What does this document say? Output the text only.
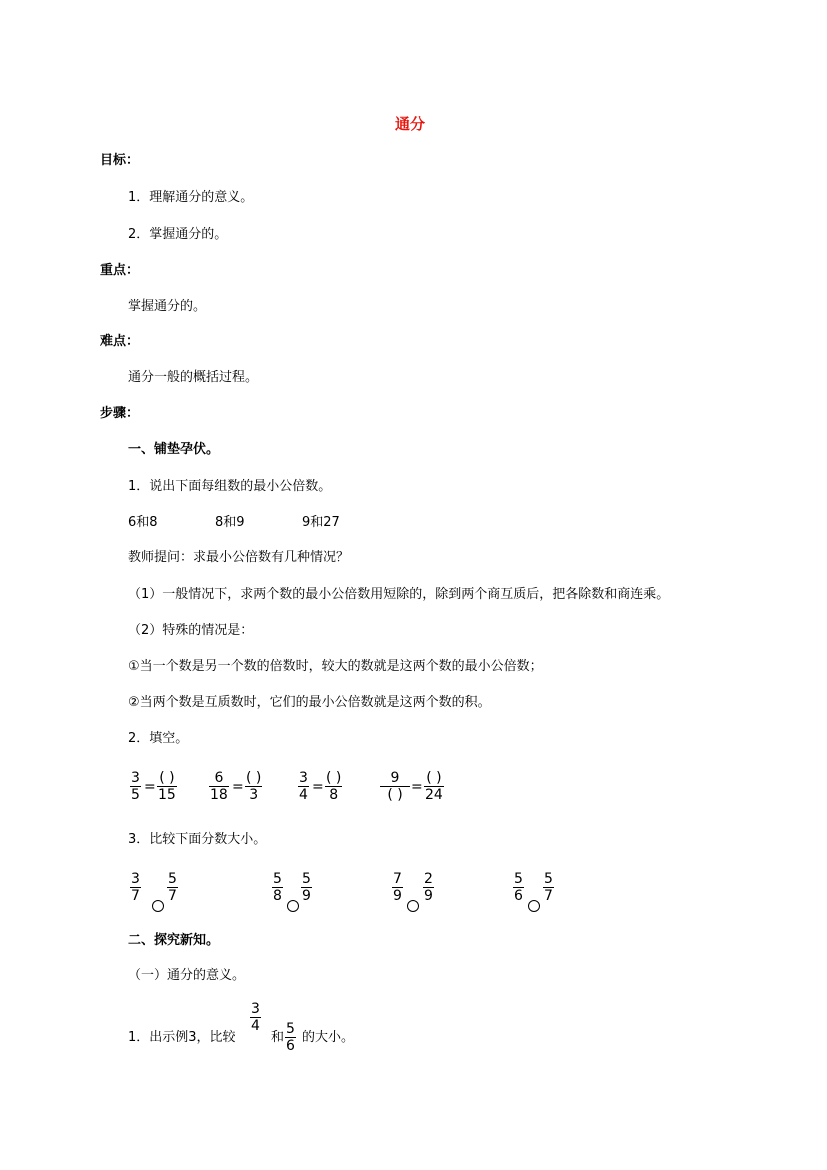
通分
目标：
1．理解通分的意义。
2．掌握通分的。
重点：
掌握通分的。
难点：
通分一般的概括过程。
步骤：
一、铺垫孕伏。
1．说出下面每组数的最小公倍数。
6和8	8和9	9和27
教师提问：求最小公倍数有几种情况？
（1）一般情况下，求两个数的最小公倍数用短除的，除到两个商互质后，把各除数和商连乘。
（2）特殊的情况是：
①当一个数是另一个数的倍数时，较大的数就是这两个数的最小公倍数；
②当两个数是互质数时，它们的最小公倍数就是这两个数的积。
2．填空。
3
5 =
( )
15
6
18 =
( )
3
3
4 =
( )
8
9
( ) =
( )
24
3．比较下面分数大小。
3
7
5
7
5
8
5
9
7
9
2
9
5
6
5
7
二、探究新知。
（一）通分的意义。
1．出示例3，比较
3
4
和
5
6
的大小。
